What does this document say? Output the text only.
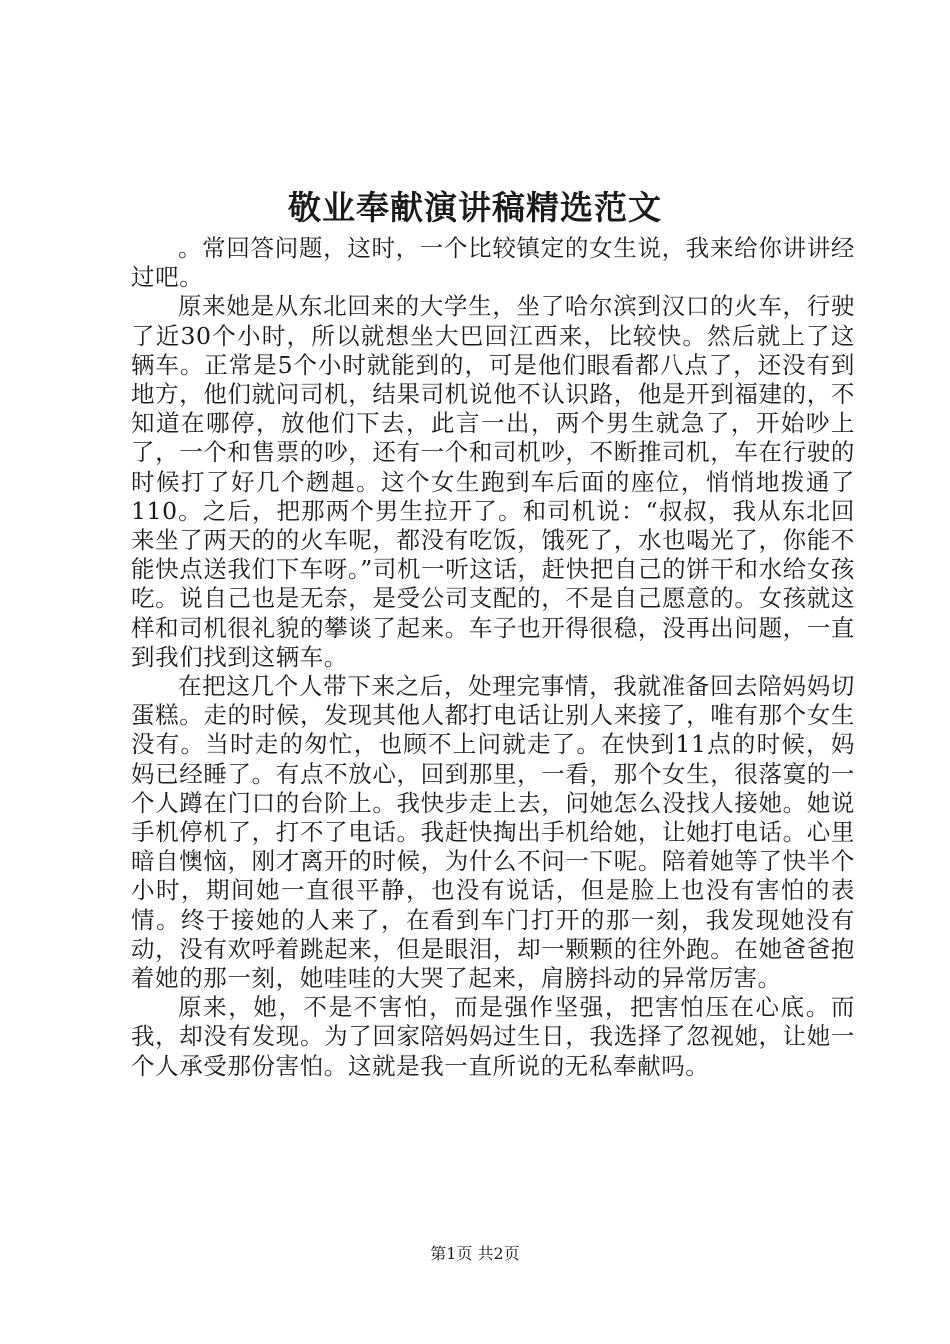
敬业奉献演讲稿精选范文

。常回答问题，这时，一个比较镇定的女生说，我来给你讲讲经过吧。

原来她是从东北回来的大学生，坐了哈尔滨到汉口的火车，行驶了近30个小时，所以就想坐大巴回江西来，比较快。然后就上了这辆车。正常是5个小时就能到的，可是他们眼看都八点了，还没有到地方，他们就问司机，结果司机说他不认识路，他是开到福建的，不知道在哪停，放他们下去，此言一出，两个男生就急了，开始吵上了，一个和售票的吵，还有一个和司机吵，不断推司机，车在行驶的时候打了好几个趔趄。这个女生跑到车后面的座位，悄悄地拨通了110。之后，把那两个男生拉开了。和司机说：“叔叔，我从东北回来坐了两天的的火车呢，都没有吃饭，饿死了，水也喝光了，你能不能快点送我们下车呀。”司机一听这话，赶快把自己的饼干和水给女孩吃。说自己也是无奈，是受公司支配的，不是自己愿意的。女孩就这样和司机很礼貌的攀谈了起来。车子也开得很稳，没再出问题，一直到我们找到这辆车。

在把这几个人带下来之后，处理完事情，我就准备回去陪妈妈切蛋糕。走的时候，发现其他人都打电话让别人来接了，唯有那个女生没有。当时走的匆忙，也顾不上问就走了。在快到11点的时候，妈妈已经睡了。有点不放心，回到那里，一看，那个女生，很落寞的一个人蹲在门口的台阶上。我快步走上去，问她怎么没找人接她。她说手机停机了，打不了电话。我赶快掏出手机给她，让她打电话。心里暗自懊恼，刚才离开的时候，为什么不问一下呢。陪着她等了快半个小时，期间她一直很平静，也没有说话，但是脸上也没有害怕的表情。终于接她的人来了，在看到车门打开的那一刻，我发现她没有动，没有欢呼着跳起来，但是眼泪，却一颗颗的往外跑。在她爸爸抱着她的那一刻，她哇哇的大哭了起来，肩膀抖动的异常厉害。

原来，她，不是不害怕，而是强作坚强，把害怕压在心底。而我，却没有发现。为了回家陪妈妈过生日，我选择了忽视她，让她一个人承受那份害怕。这就是我一直所说的无私奉献吗。

第1页 共2页
